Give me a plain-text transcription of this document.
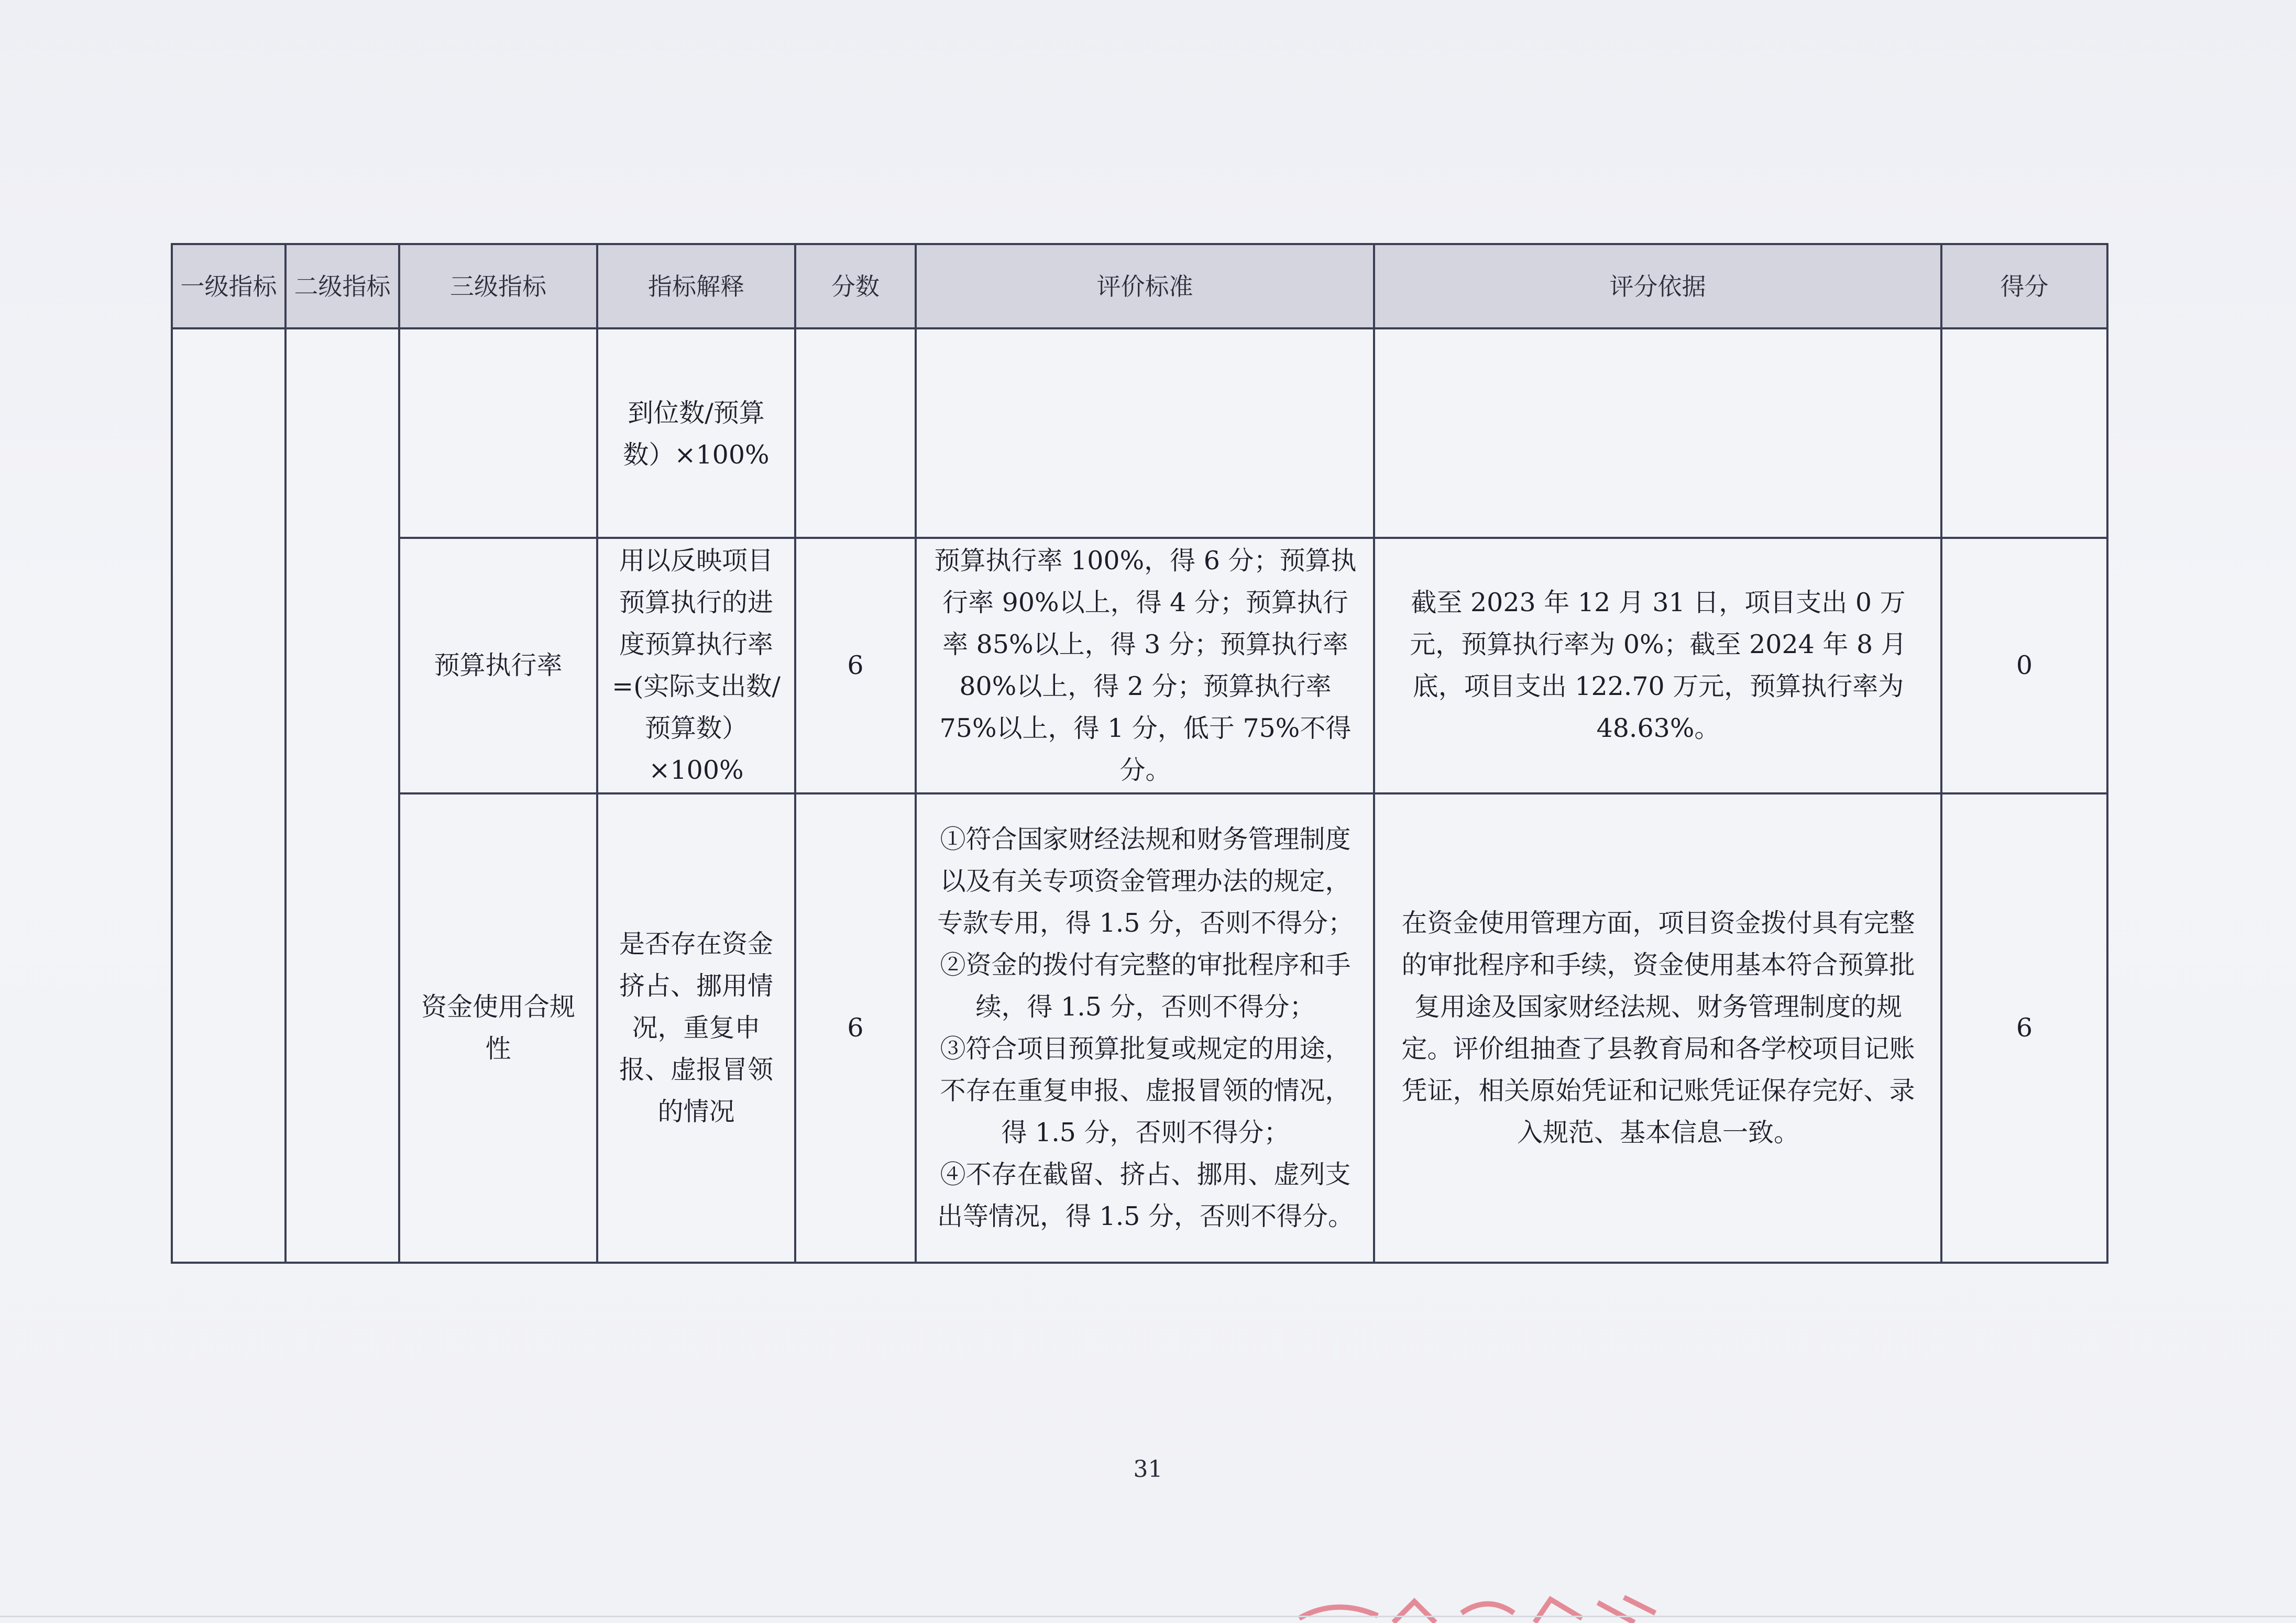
一级指标	二级指标	三级指标	指标解释	分数	评价标准	评分依据	得分

			到位数/预算数）×100%				

		预算执行率	用以反映项目预算执行的进度预算执行率=(实际支出数/预算数）×100%	6	预算执行率 100%，得 6 分；预算执行率 90%以上，得 4 分；预算执行率 85%以上，得 3 分；预算执行率 80%以上，得 2 分；预算执行率 75%以上，得 1 分，低于 75%不得分。	截至 2023 年 12 月 31 日，项目支出 0 万元，预算执行率为 0%；截至 2024 年 8 月底，项目支出 122.70 万元，预算执行率为 48.63%。	0

		资金使用合规性	是否存在资金挤占、挪用情况，重复申报、虚报冒领的情况	6	①符合国家财经法规和财务管理制度以及有关专项资金管理办法的规定，专款专用，得 1.5 分，否则不得分；
②资金的拨付有完整的审批程序和手续，得 1.5 分，否则不得分；
③符合项目预算批复或规定的用途，不存在重复申报、虚报冒领的情况，得 1.5 分，否则不得分；
④不存在截留、挤占、挪用、虚列支出等情况，得 1.5 分，否则不得分。	在资金使用管理方面，项目资金拨付具有完整的审批程序和手续，资金使用基本符合预算批复用途及国家财经法规、财务管理制度的规定。评价组抽查了县教育局和各学校项目记账凭证，相关原始凭证和记账凭证保存完好、录入规范、基本信息一致。	6
31
